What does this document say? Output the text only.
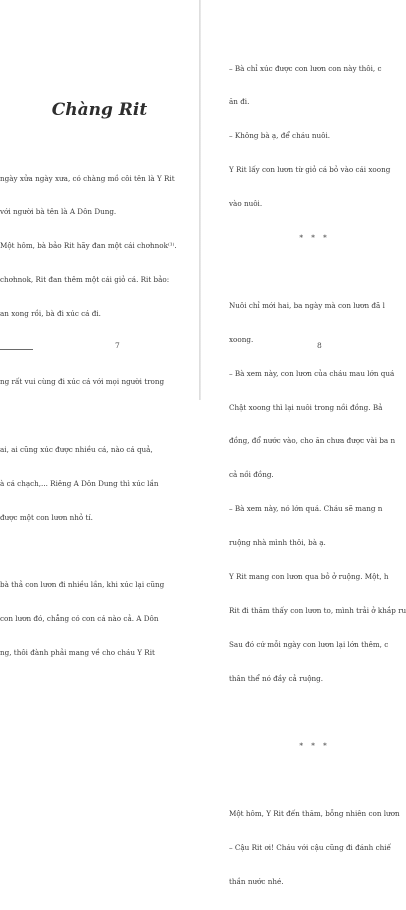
Chàng Rit

ngày xửa ngày xưa, có chàng mồ côi tên là Y Rit

với người bà tên là A Dôn Dung.

Một hôm, bà bảo Rit hãy đan một cái chơhnok⁽¹⁾.

chơhnok, Rit đan thêm một cái giỏ cá. Rit bảo:

an xong rồi, bà đi xúc cá đi.

ng rất vui cùng đi xúc cá với mọi người trong

ai, ai cũng xúc được nhiều cá, nào cá quả,

à cá chạch,... Riêng A Dôn Dung thì xúc lần

được một con lươn nhỏ tí.

bà thả con lươn đi nhiều lần, khi xúc lại cũng

con lươn đó, chẳng có con cá nào cả. A Dôn

ng, thôi đành phải mang về cho cháu Y Rit

7

– Bà chỉ xúc được con lươn con này thôi, c

ăn đi.

– Không bà ạ, để cháu nuôi.

Y Rit lấy con lươn từ giỏ cá bỏ vào cái xoong

vào nuôi.

* * *

Nuôi chỉ mới hai, ba ngày mà con lươn đã l

xoong.

– Bà xem này, con lươn của cháu mau lớn quá

Chật xoong thì lại nuôi trong nồi đồng. Bả

đồng, đổ nước vào, cho ăn chưa được vài ba n

cả nồi đồng.

– Bà xem này, nó lớn quá. Cháu sẽ mang n

ruộng nhà mình thôi, bà ạ.

Y Rit mang con lươn qua bỏ ở ruộng. Một, h

Rit đi thăm thấy con lươn to, mình trải ở khắp ru

Sau đó cứ mỗi ngày con lươn lại lớn thêm, c

thân thể nó đầy cả ruộng.

* * *

Một hôm, Y Rit đến thăm, bỗng nhiên con lươn

– Cậu Rit ơi! Cháu với cậu cũng đi đánh chiế

thần nước nhé.

8
